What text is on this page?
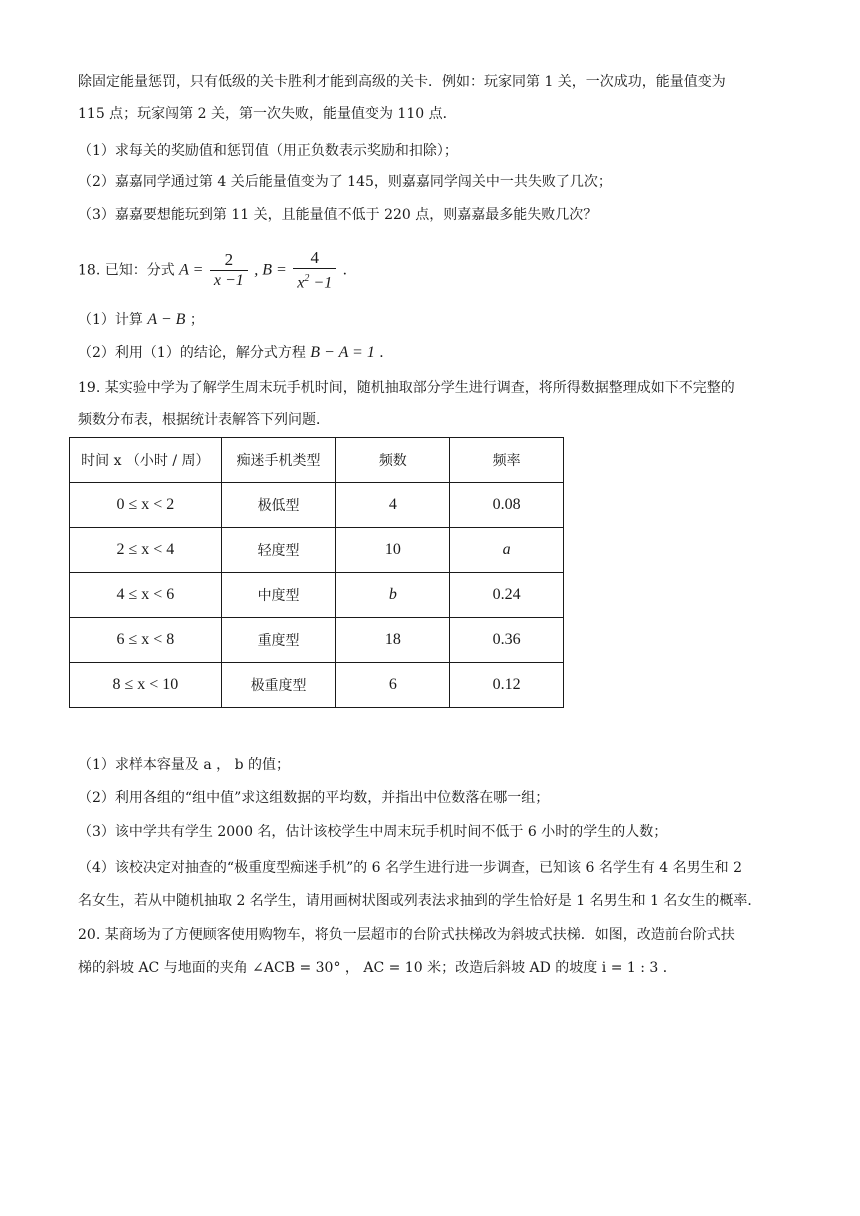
除固定能量惩罚，只有低级的关卡胜利才能到高级的关卡．例如：玩家同第 1 关，一次成功，能量值变为
115 点；玩家闯第 2 关，第一次失败，能量值变为 110 点．
（1）求每关的奖励值和惩罚值（用正负数表示奖励和扣除）；
（2）嘉嘉同学通过第 4 关后能量值变为了 145，则嘉嘉同学闯关中一共失败了几次；
（3）嘉嘉要想能玩到第 11 关，且能量值不低于 220 点，则嘉嘉最多能失败几次？
18. 已知：分式 $A = \frac{2}{x -1}$ , $B = \frac{4}{x^2 -1}$ ．
（1）计算 A − B ；
（2）利用（1）的结论，解分式方程 B − A = 1 ．
19. 某实验中学为了解学生周末玩手机时间，随机抽取部分学生进行调查，将所得数据整理成如下不完整的
频数分布表，根据统计表解答下列问题．
时间 x （小时 / 周）	痴迷手机类型	频数	频率
0 ≤ x < 2	极低型	4	0.08
2 ≤ x < 4	轻度型	10	a
4 ≤ x < 6	中度型	b	0.24
6 ≤ x < 8	重度型	18	0.36
8 ≤ x < 10	极重度型	6	0.12
（1）求样本容量及 a ， b 的值；
（2）利用各组的“组中值”求这组数据的平均数，并指出中位数落在哪一组；
（3）该中学共有学生 2000 名，估计该校学生中周末玩手机时间不低于 6 小时的学生的人数；
（4）该校决定对抽查的“极重度型痴迷手机”的 6 名学生进行进一步调查，已知该 6 名学生有 4 名男生和 2
名女生，若从中随机抽取 2 名学生，请用画树状图或列表法求抽到的学生恰好是 1 名男生和 1 名女生的概率．
20. 某商场为了方便顾客使用购物车，将负一层超市的台阶式扶梯改为斜坡式扶梯．如图，改造前台阶式扶
梯的斜坡 AC 与地面的夹角 ∠ACB = 30° ， AC = 10 米；改造后斜坡 AD 的坡度 i = 1 : 3 ．
